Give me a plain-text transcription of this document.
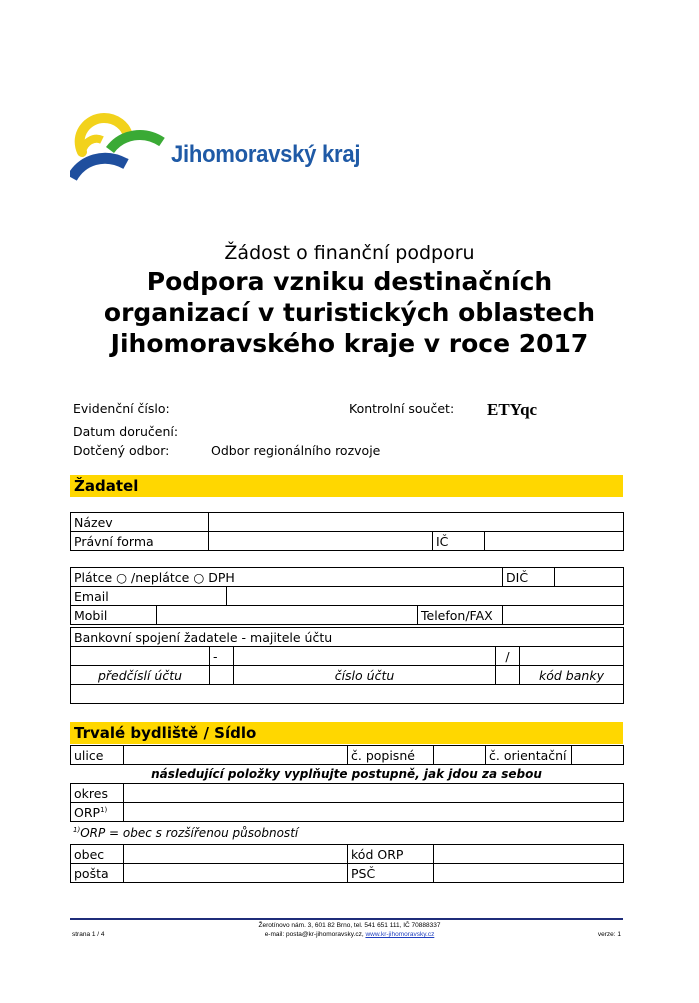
Jihomoravský kraj
Žádost o finanční podporu
Podpora vzniku destinačních
organizací v turistických oblastech
Jihomoravského kraje v roce 2017
Evidenční číslo:	Kontrolní součet: ETYqc
Datum doručení:
Dotčený odbor:	Odbor regionálního rozvoje
Žadatel
Název			
Právní forma		IČ	
Plátce ○ /neplátce ○ DPH				DIČ	
Email					
Mobil			Telefon/FAX		
Bankovní spojení žadatele - majitele účtu				
	-		/	
předčíslí účtu		číslo účtu		kód banky

Trvalé bydliště / Sídlo
ulice		č. popisné		č. orientační	
následující položky vyplňujte postupně, jak jdou za sebou
okres	
ORP$^{1)}$	
$^{1)}$ORP = obec s rozšířenou působností
obec		kód ORP	
pošta		PSČ	
Žerotínovo nám. 3, 601 82 Brno, tel. 541 651 111, IČ 70888337
e-mail: posta@kr-jihomoravsky.cz, www.kr-jihomoravsky.cz
strana 1 / 4	verze: 1
